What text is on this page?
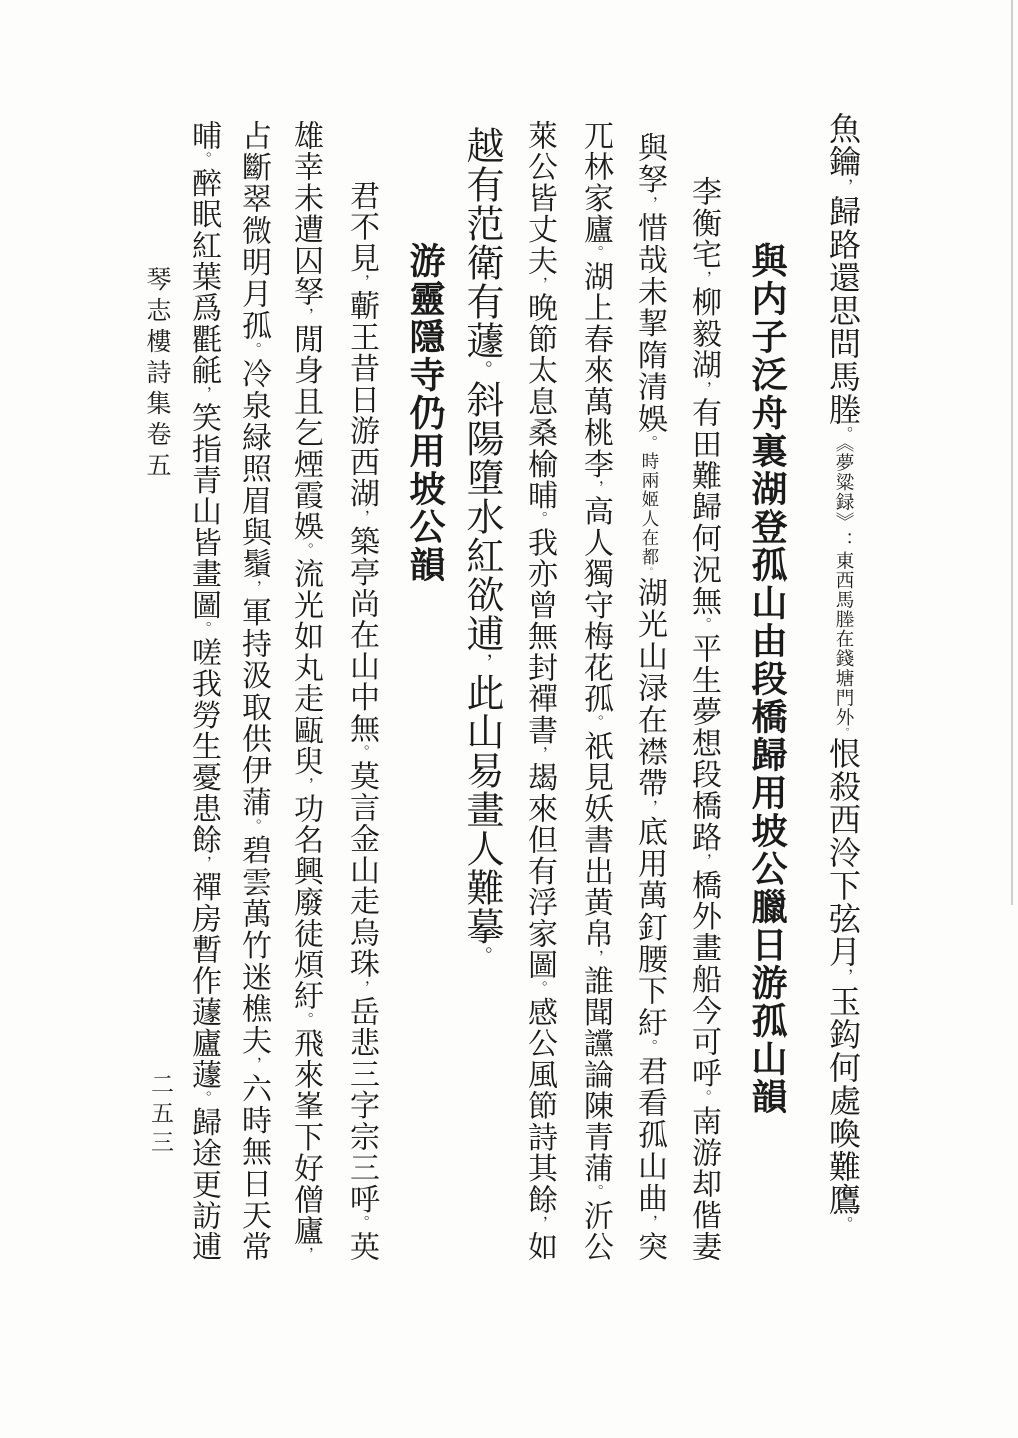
魚鑰，歸路還思問馬塍。《夢粱録》：東西馬塍在錢塘門外。恨殺西泠下弦月，玉鈎何處喚難鷹。
與内子泛舟裏湖登孤山由段橋歸用坡公臘日游孤山韻
李衡宅，柳毅湖，有田難歸何況無。平生夢想段橋路，橋外畫船今可呼。南游却偕妻
與孥，惜哉未挈隋清娛。時兩姬人在都。湖光山渌在襟帶，底用萬釘腰下紆。君看孤山曲，突
兀林家廬。湖上春來萬桃李，高人獨守梅花孤。祇見妖書出黄帛，誰聞讜論陳青蒲。沂公
萊公皆丈夫，晚節太息桑榆晡。我亦曾無封禪書，朅來但有浮家圖。感公風節詩其餘，如
越有范衛有蘧。斜陽墮水紅欲逋，此山易畫人難摹。
游靈隱寺仍用坡公韻
君不見，蘄王昔日游西湖，築亭尚在山中無。莫言金山走烏珠，岳悲三字宗三呼。英
雄幸未遭囚孥，閒身且乞煙霞娛。流光如丸走甌臾，功名興廢徒煩紆。飛來峯下好僧廬，
占斷翠微明月孤。冷泉緑照眉與鬚，軍持汲取供伊蒲。碧雲萬竹迷樵夫，六時無日天常
晡。醉眠紅葉爲氍毹，笑指青山皆畫圖。嗟我勞生憂患餘，禪房暫作蘧廬蘧。歸途更訪逋
琴志樓詩集卷五
二五三
